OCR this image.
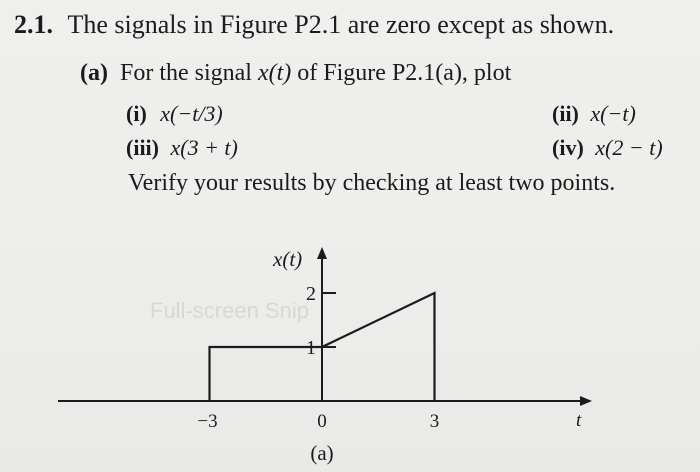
2.1. The signals in Figure P2.1 are zero except as shown.
(a) For the signal x(t) of Figure P2.1(a), plot
(i) x(−t/3)	(ii) x(−t)
(iii) x(3 + t)	(iv) x(2 − t)
Verify your results by checking at least two points.
Full-screen Snip
1
2
−3	0	3
x(t)
t
(a)
